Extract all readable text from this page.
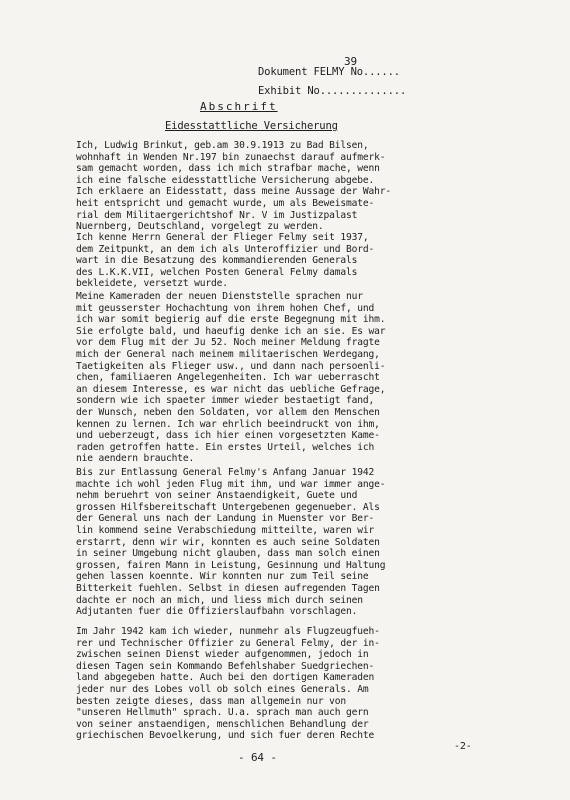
Dokument FELMY No......
39
Exhibit No..............
Abschrift
Eidesstattliche Versicherung
Ich, Ludwig Brinkut, geb.am 30.9.1913 zu Bad Bilsen,
wohnhaft in Wenden Nr.197 bin zunaechst darauf aufmerk-
sam gemacht worden, dass ich mich strafbar mache, wenn
ich eine falsche eidesstattliche Versicherung abgebe.
Ich erklaere an Eidesstatt, dass meine Aussage der Wahr-
heit entspricht und gemacht wurde, um als Beweismate-
rial dem Militaergerichtshof Nr. V im Justizpalast
Nuernberg, Deutschland, vorgelegt zu werden.
Ich kenne Herrn General der Flieger Felmy seit 1937,
dem Zeitpunkt, an dem ich als Unteroffizier und Bord-
wart in die Besatzung des kommandierenden Generals
des L.K.K.VII, welchen Posten General Felmy damals
bekleidete, versetzt wurde.
Meine Kameraden der neuen Dienststelle sprachen nur
mit geusserster Hochachtung von ihrem hohen Chef, und
ich war somit begierig auf die erste Begegnung mit ihm.
Sie erfolgte bald, und haeufig denke ich an sie. Es war
vor dem Flug mit der Ju 52. Noch meiner Meldung fragte
mich der General nach meinem militaerischen Werdegang,
Taetigkeiten als Flieger usw., und dann nach persoenli-
chen, familiaeren Angelegenheiten. Ich war ueberrascht
an diesem Interesse, es war nicht das uebliche Gefrage,
sondern wie ich spaeter immer wieder bestaetigt fand,
der Wunsch, neben den Soldaten, vor allem den Menschen
kennen zu lernen. Ich war ehrlich beeindruckt von ihm,
und ueberzeugt, dass ich hier einen vorgesetzten Kame-
raden getroffen hatte. Ein erstes Urteil, welches ich
nie aendern brauchte.
Bis zur Entlassung General Felmy's Anfang Januar 1942
machte ich wohl jeden Flug mit ihm, und war immer ange-
nehm beruehrt von seiner Anstaendigkeit, Guete und
grossen Hilfsbereitschaft Untergebenen gegenueber. Als
der General uns nach der Landung in Muenster vor Ber-
lin kommend seine Verabschiedung mitteilte, waren wir
erstarrt, denn wir wir, konnten es auch seine Soldaten
in seiner Umgebung nicht glauben, dass man solch einen
grossen, fairen Mann in Leistung, Gesinnung und Haltung
gehen lassen koennte. Wir konnten nur zum Teil seine
Bitterkeit fuehlen. Selbst in diesen aufregenden Tagen
dachte er noch an mich, und liess mich durch seinen
Adjutanten fuer die Offizierslaufbahn vorschlagen.
Im Jahr 1942 kam ich wieder, nunmehr als Flugzeugfueh-
rer und Technischer Offizier zu General Felmy, der in-
zwischen seinen Dienst wieder aufgenommen, jedoch in
diesen Tagen sein Kommando Befehlshaber Suedgriechen-
land abgegeben hatte. Auch bei den dortigen Kameraden
jeder nur des Lobes voll ob solch eines Generals. Am
besten zeigte dieses, dass man allgemein nur von
"unseren Hellmuth" sprach. U.a. sprach man auch gern
von seiner anstaendigen, menschlichen Behandlung der
griechischen Bevoelkerung, und sich fuer deren Rechte
-2-
- 64 -
